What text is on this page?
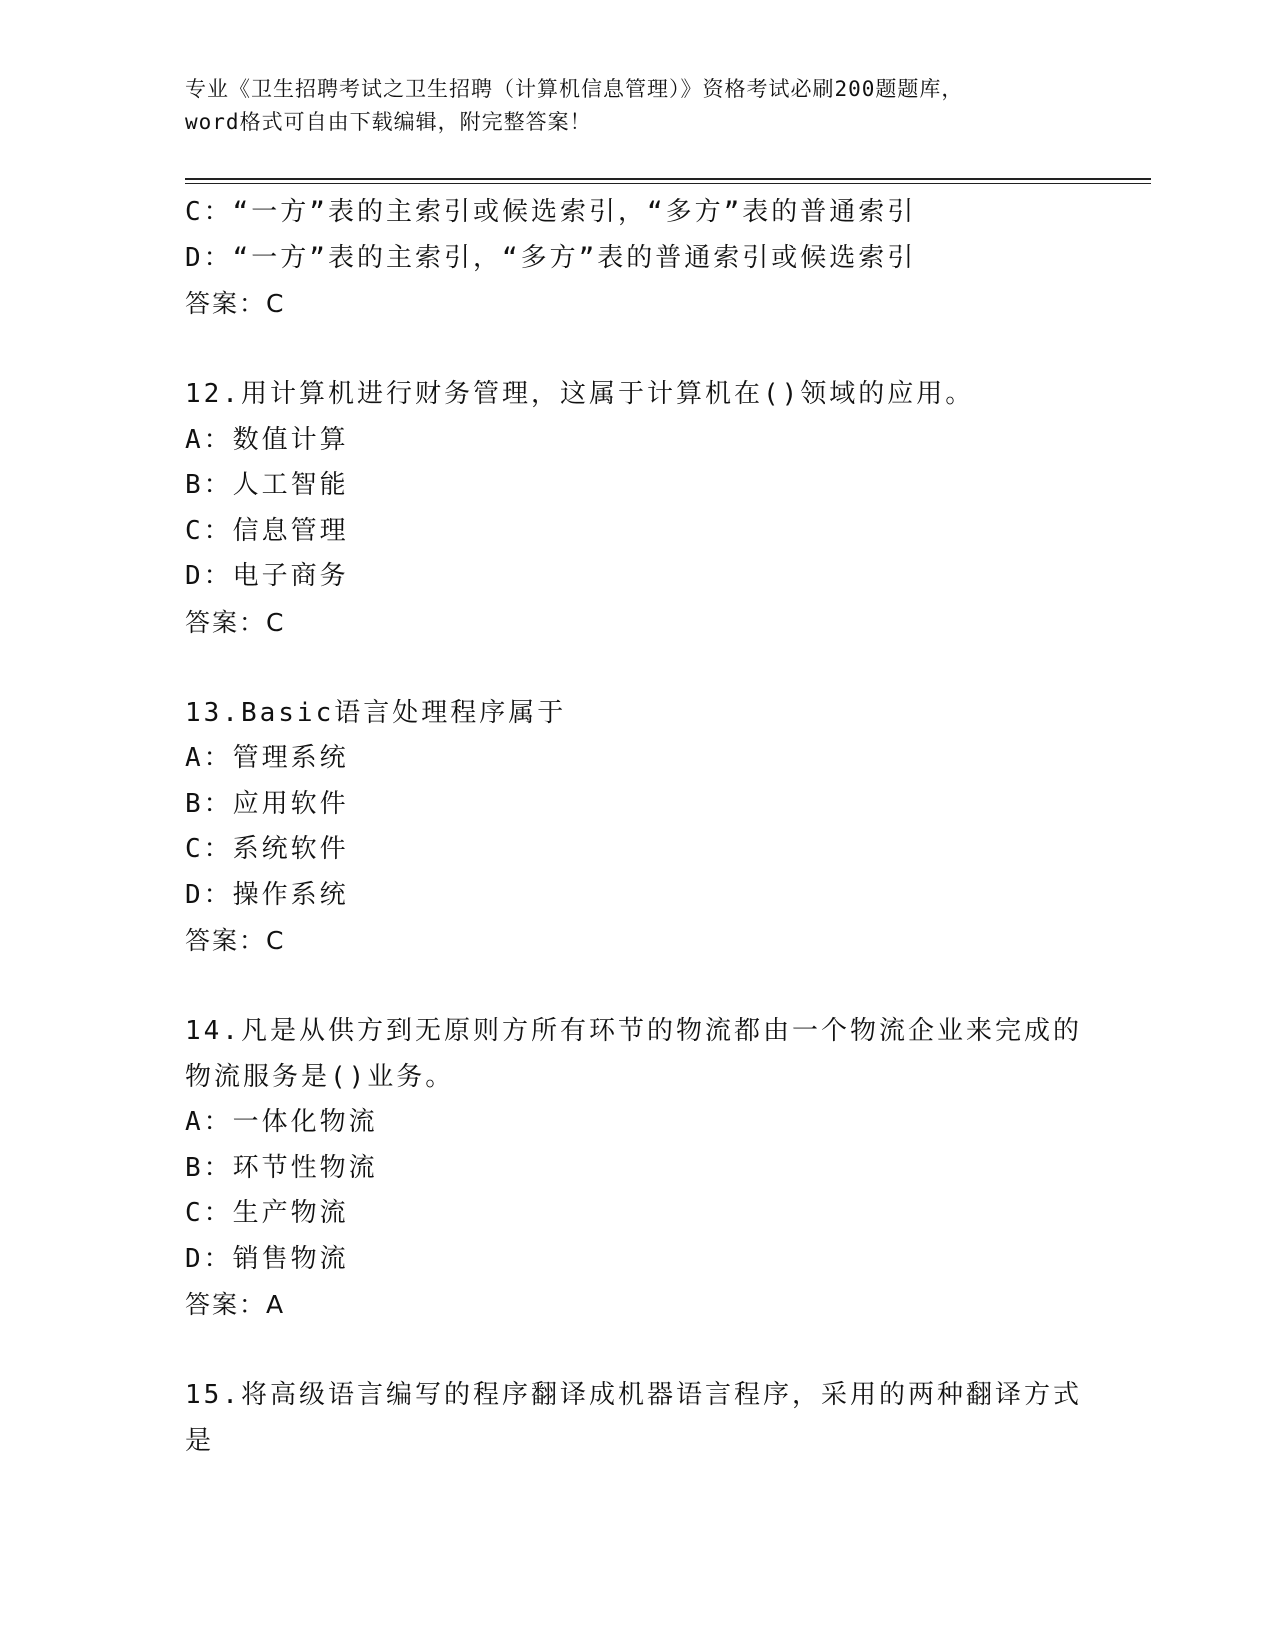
专业《卫生招聘考试之卫生招聘（计算机信息管理）》资格考试必刷200题题库，
word格式可自由下载编辑，附完整答案！
C：“一方”表的主索引或候选索引，“多方”表的普通索引
D：“一方”表的主索引，“多方”表的普通索引或候选索引
答案：C
12.用计算机进行财务管理，这属于计算机在()领域的应用。
A：数值计算
B：人工智能
C：信息管理
D：电子商务
答案：C
13.Basic语言处理程序属于
A：管理系统
B：应用软件
C：系统软件
D：操作系统
答案：C
14.凡是从供方到无原则方所有环节的物流都由一个物流企业来完成的
物流服务是()业务。
A：一体化物流
B：环节性物流
C：生产物流
D：销售物流
答案：A
15.将高级语言编写的程序翻译成机器语言程序，采用的两种翻译方式
是
